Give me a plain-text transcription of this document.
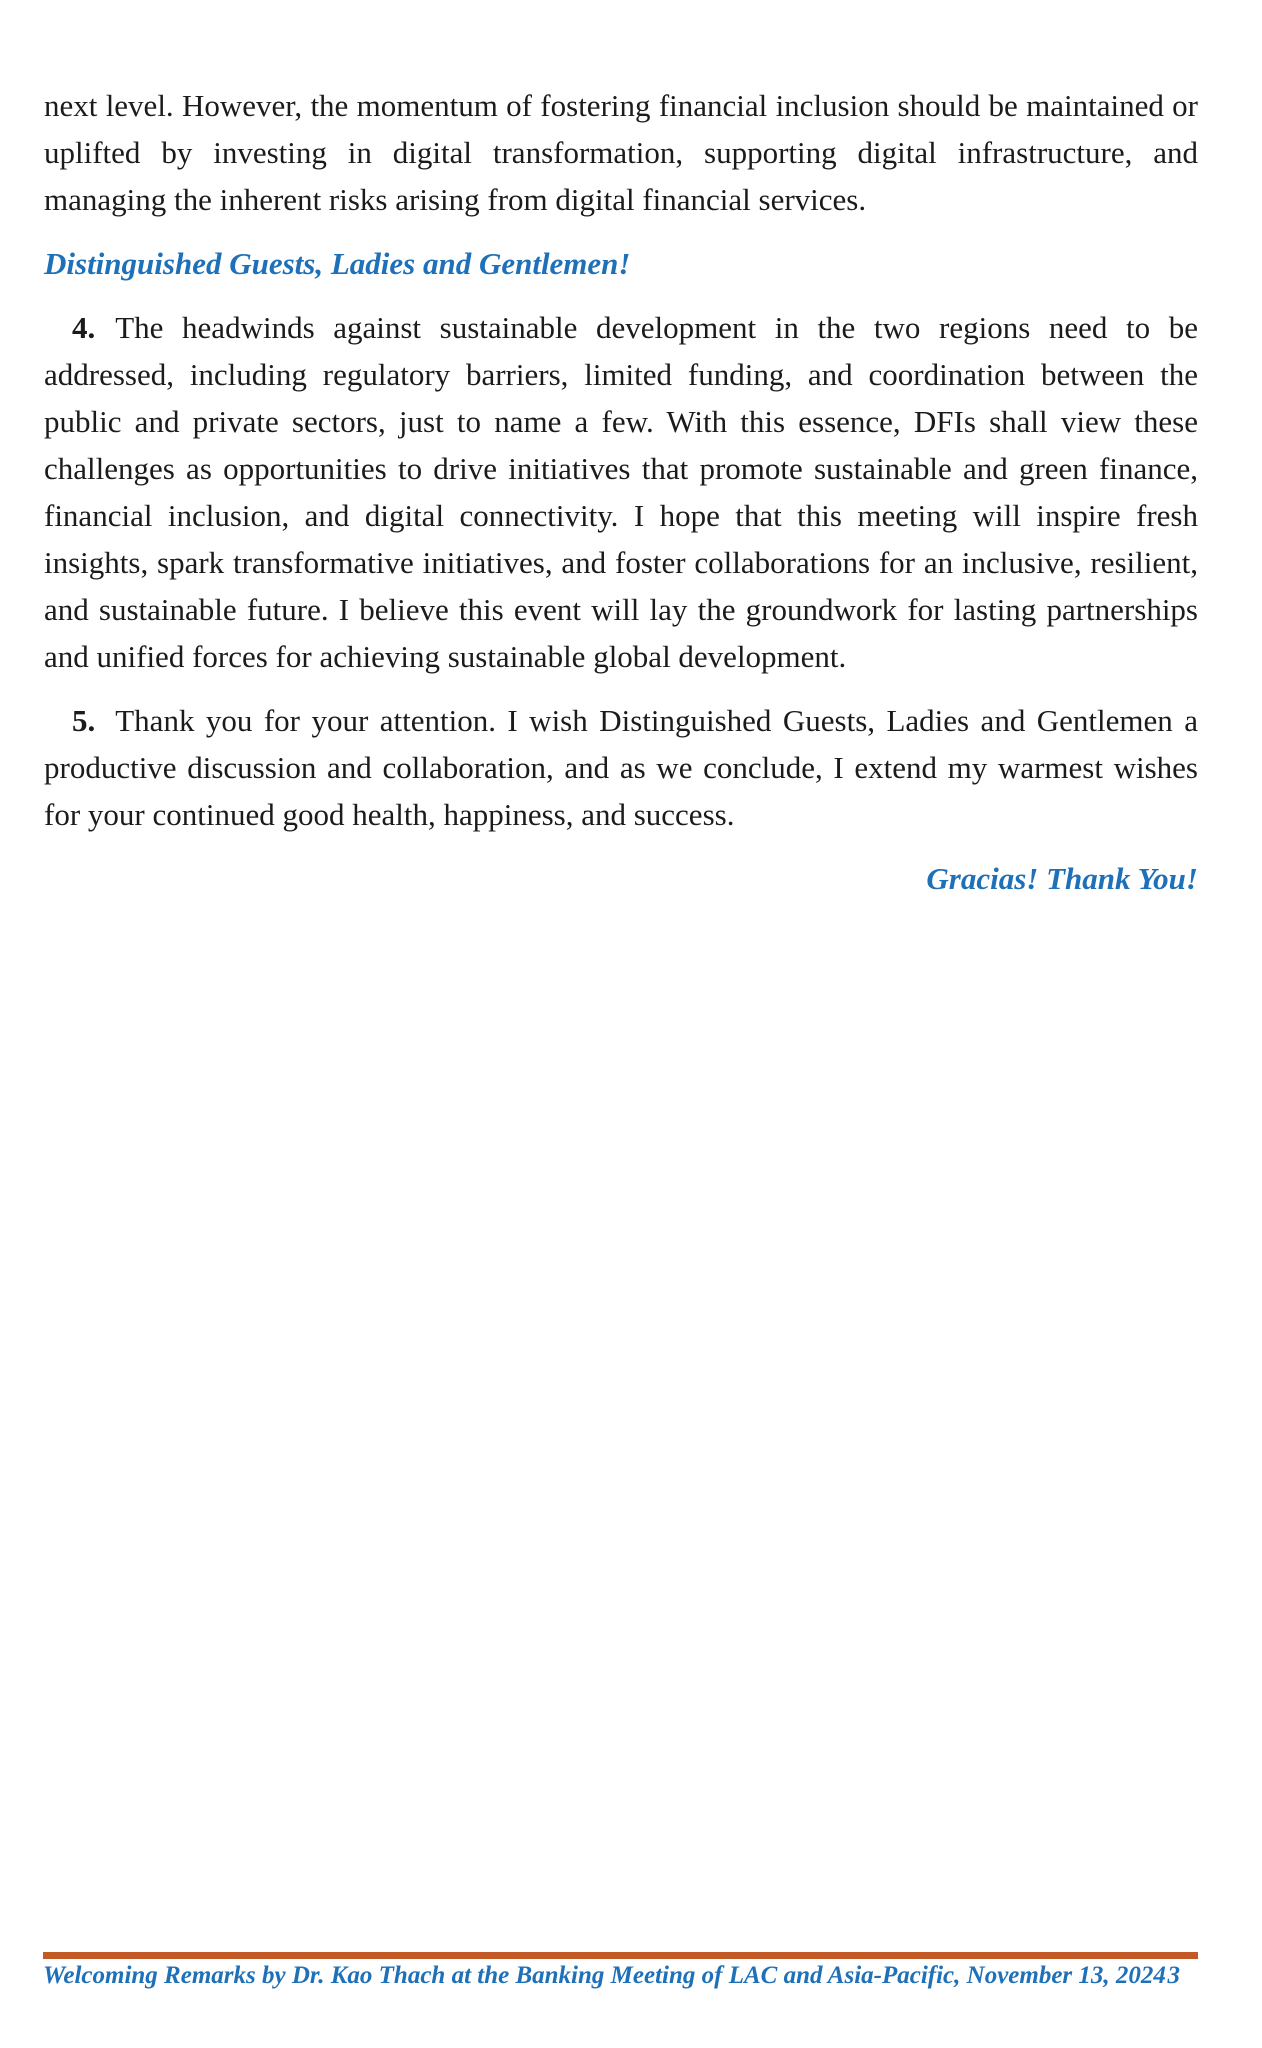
next level. However, the momentum of fostering financial inclusion should be maintained or uplifted by investing in digital transformation, supporting digital infrastructure, and managing the inherent risks arising from digital financial services.

Distinguished Guests, Ladies and Gentlemen!

4. The headwinds against sustainable development in the two regions need to be addressed, including regulatory barriers, limited funding, and coordination between the public and private sectors, just to name a few. With this essence, DFIs shall view these challenges as opportunities to drive initiatives that promote sustainable and green finance, financial inclusion, and digital connectivity. I hope that this meeting will inspire fresh insights, spark transformative initiatives, and foster collaborations for an inclusive, resilient, and sustainable future. I believe this event will lay the groundwork for lasting partnerships and unified forces for achieving sustainable global development.

5. Thank you for your attention. I wish Distinguished Guests, Ladies and Gentlemen a productive discussion and collaboration, and as we conclude, I extend my warmest wishes for your continued good health, happiness, and success.

Gracias! Thank You!

Welcoming Remarks by Dr. Kao Thach at the Banking Meeting of LAC and Asia-Pacific, November 13, 2024 3
